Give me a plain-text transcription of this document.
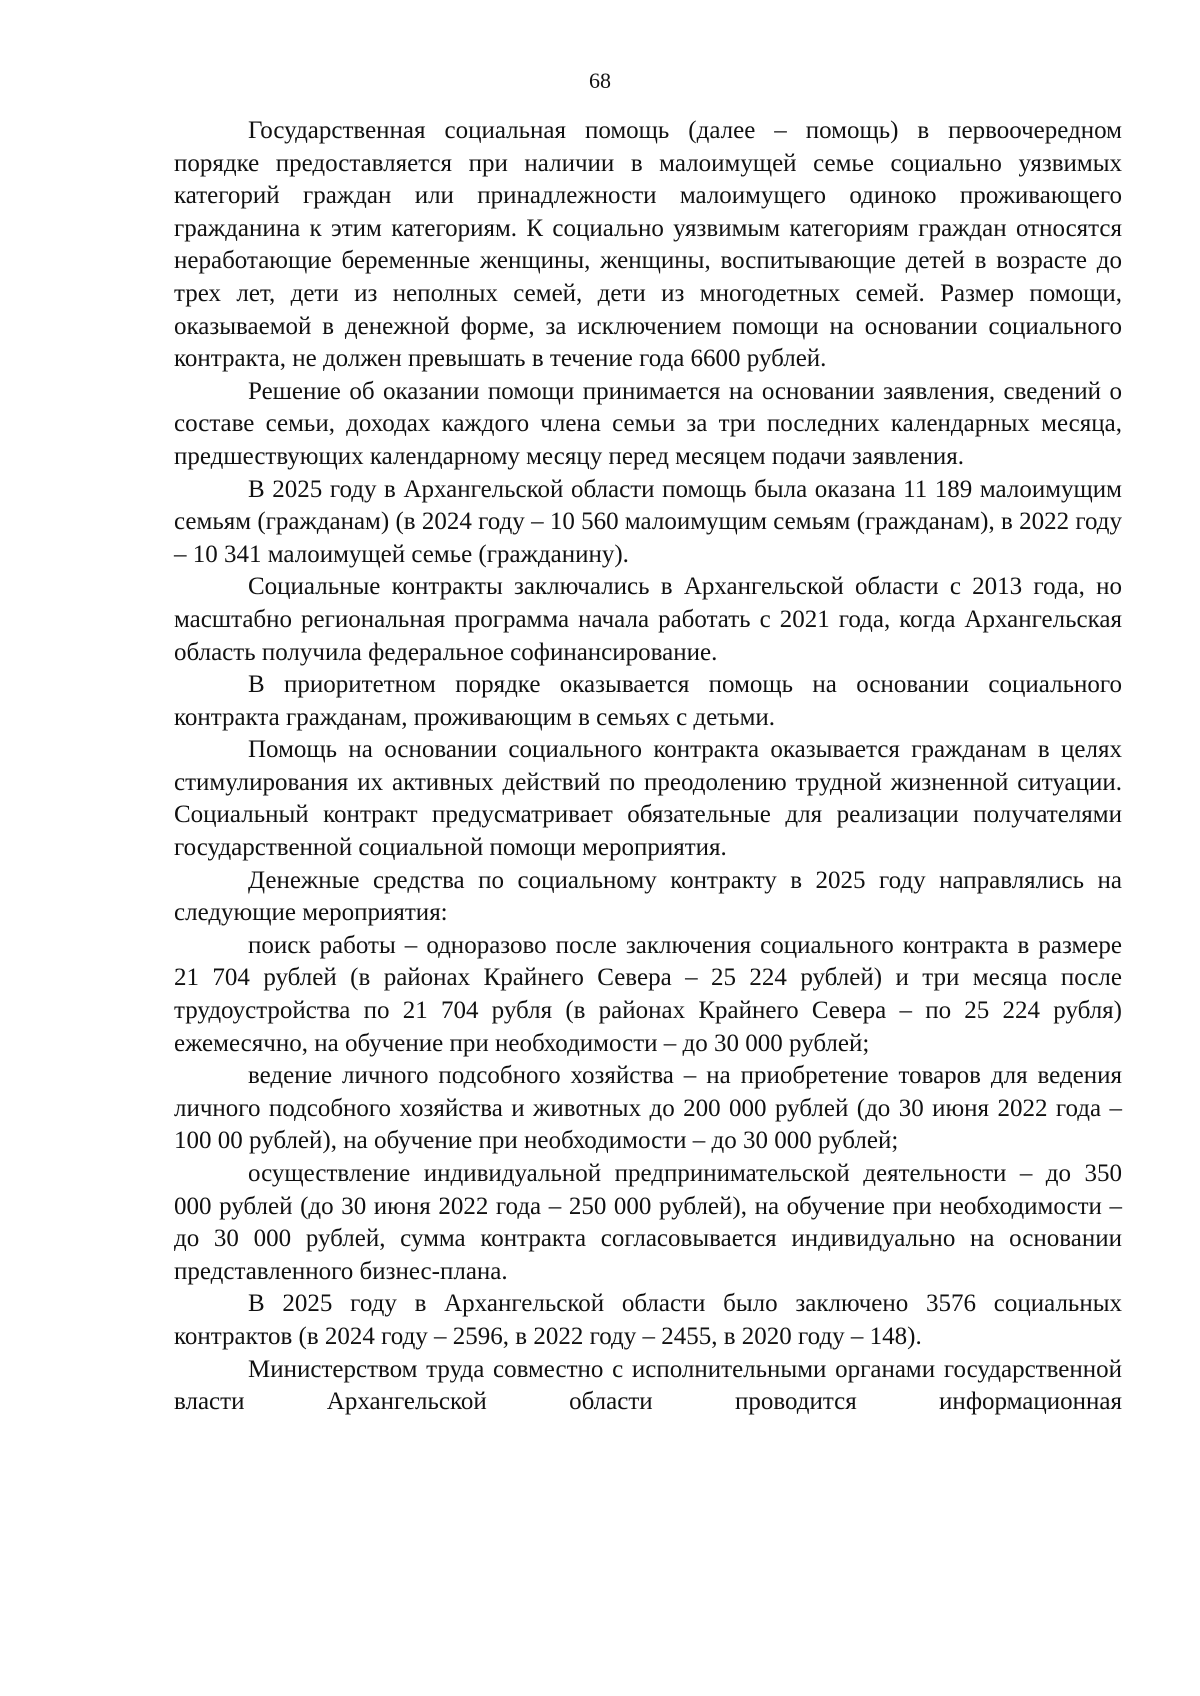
68

Государственная социальная помощь (далее – помощь) в первоочередном порядке предоставляется при наличии в малоимущей семье социально уязвимых категорий граждан или принадлежности малоимущего одиноко проживающего гражданина к этим категориям. К социально уязвимым категориям граждан относятся неработающие беременные женщины, женщины, воспитывающие детей в возрасте до трех лет, дети из неполных семей, дети из многодетных семей. Размер помощи, оказываемой в денежной форме, за исключением помощи на основании социального контракта, не должен превышать в течение года 6600 рублей.

Решение об оказании помощи принимается на основании заявления, сведений о составе семьи, доходах каждого члена семьи за три последних календарных месяца, предшествующих календарному месяцу перед месяцем подачи заявления.

В 2025 году в Архангельской области помощь была оказана 11 189 малоимущим семьям (гражданам) (в 2024 году – 10 560 малоимущим семьям (гражданам), в 2022 году – 10 341 малоимущей семье (гражданину).

Социальные контракты заключались в Архангельской области с 2013 года, но масштабно региональная программа начала работать с 2021 года, когда Архангельская область получила федеральное софинансирование.

В приоритетном порядке оказывается помощь на основании социального контракта гражданам, проживающим в семьях с детьми.

Помощь на основании социального контракта оказывается гражданам в целях стимулирования их активных действий по преодолению трудной жизненной ситуации. Социальный контракт предусматривает обязательные для реализации получателями государственной социальной помощи мероприятия.

Денежные средства по социальному контракту в 2025 году направлялись на следующие мероприятия:

поиск работы – одноразово после заключения социального контракта в размере 21 704 рублей (в районах Крайнего Севера – 25 224 рублей) и три месяца после трудоустройства по 21 704 рубля (в районах Крайнего Севера – по 25 224 рубля) ежемесячно, на обучение при необходимости – до 30 000 рублей;

ведение личного подсобного хозяйства – на приобретение товаров для ведения личного подсобного хозяйства и животных до 200 000 рублей (до 30 июня 2022 года – 100 00 рублей), на обучение при необходимости – до 30 000 рублей;

осуществление индивидуальной предпринимательской деятельности – до 350 000 рублей (до 30 июня 2022 года – 250 000 рублей), на обучение при необходимости – до 30 000 рублей, сумма контракта согласовывается индивидуально на основании представленного бизнес-плана.

В 2025 году в Архангельской области было заключено 3576 социальных контрактов (в 2024 году – 2596, в 2022 году – 2455, в 2020 году – 148).

Министерством труда совместно с исполнительными органами государственной власти Архангельской области проводится информационная
